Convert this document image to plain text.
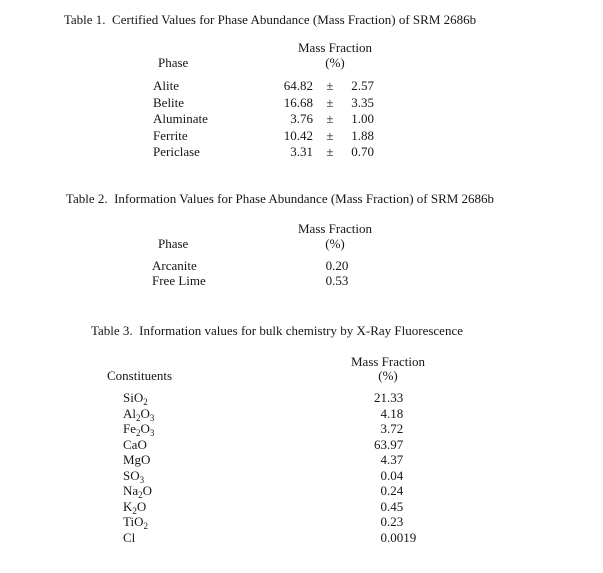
Table 1.  Certified Values for Phase Abundance (Mass Fraction) of SRM 2686b
Mass Fraction
Phase	(%)
Alite	64.82	±	2.57
Belite	16.68	±	3.35
Aluminate	3.76	±	1.00
Ferrite	10.42	±	1.88
Periclase	3.31	±	0.70
Table 2.  Information Values for Phase Abundance (Mass Fraction) of SRM 2686b
Mass Fraction
Phase	(%)
Arcanite	0.20
Free Lime	0.53
Table 3.  Information values for bulk chemistry by X-Ray Fluorescence
Mass Fraction
Constituents	(%)
SiO$_2$	21 .33
$Al_2O_3$	4 .18
$Fe_2O_3$	3 .72
CaO	63 .97
MgO	4 .37
$SO_3$	0 .04
$Na_2O$	0 .24
$K_2O$	0 .45
TiO$_2$	0 .23
Cl	0 .0019
